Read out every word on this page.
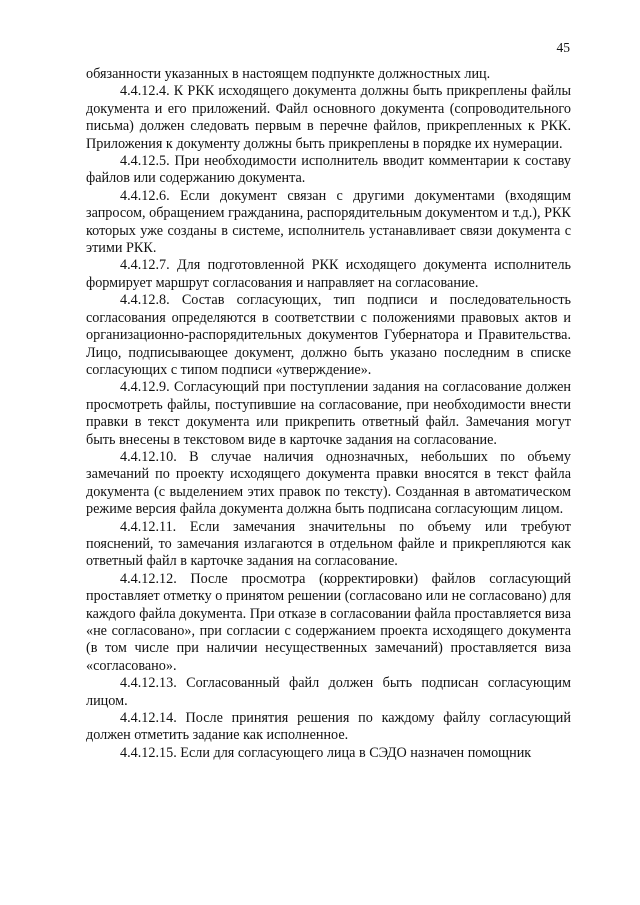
45

обязанности указанных в настоящем подпункте должностных лиц.

4.4.12.4. К РКК исходящего документа должны быть прикреплены файлы документа и его приложений. Файл основного документа (сопроводительного письма) должен следовать первым в перечне файлов, прикрепленных к РКК. Приложения к документу должны быть прикреплены в порядке их нумерации.

4.4.12.5. При необходимости исполнитель вводит комментарии к составу файлов или содержанию документа.

4.4.12.6. Если документ связан с другими документами (входящим запросом, обращением гражданина, распорядительным документом и т.д.), РКК которых уже созданы в системе, исполнитель устанавливает связи документа с этими РКК.

4.4.12.7. Для подготовленной РКК исходящего документа исполнитель формирует маршрут согласования и направляет на согласование.

4.4.12.8. Состав согласующих, тип подписи и последовательность согласования определяются в соответствии с положениями правовых актов и организационно-распорядительных документов Губернатора и Правительства. Лицо, подписывающее документ, должно быть указано последним в списке согласующих с типом подписи «утверждение».

4.4.12.9. Согласующий при поступлении задания на согласование должен просмотреть файлы, поступившие на согласование, при необходимости внести правки в текст документа или прикрепить ответный файл. Замечания могут быть внесены в текстовом виде в карточке задания на согласование.

4.4.12.10. В случае наличия однозначных, небольших по объему замечаний по проекту исходящего документа правки вносятся в текст файла документа (с выделением этих правок по тексту). Созданная в автоматическом режиме версия файла документа должна быть подписана согласующим лицом.

4.4.12.11. Если замечания значительны по объему или требуют пояснений, то замечания излагаются в отдельном файле и прикрепляются как ответный файл в карточке задания на согласование.

4.4.12.12. После просмотра (корректировки) файлов согласующий проставляет отметку о принятом решении (согласовано или не согласовано) для каждого файла документа. При отказе в согласовании файла проставляется виза «не согласовано», при согласии с содержанием проекта исходящего документа (в том числе при наличии несущественных замечаний) проставляется виза «согласовано».

4.4.12.13. Согласованный файл должен быть подписан согласующим лицом.

4.4.12.14. После принятия решения по каждому файлу согласующий должен отметить задание как исполненное.

4.4.12.15. Если для согласующего лица в СЭДО назначен помощник
